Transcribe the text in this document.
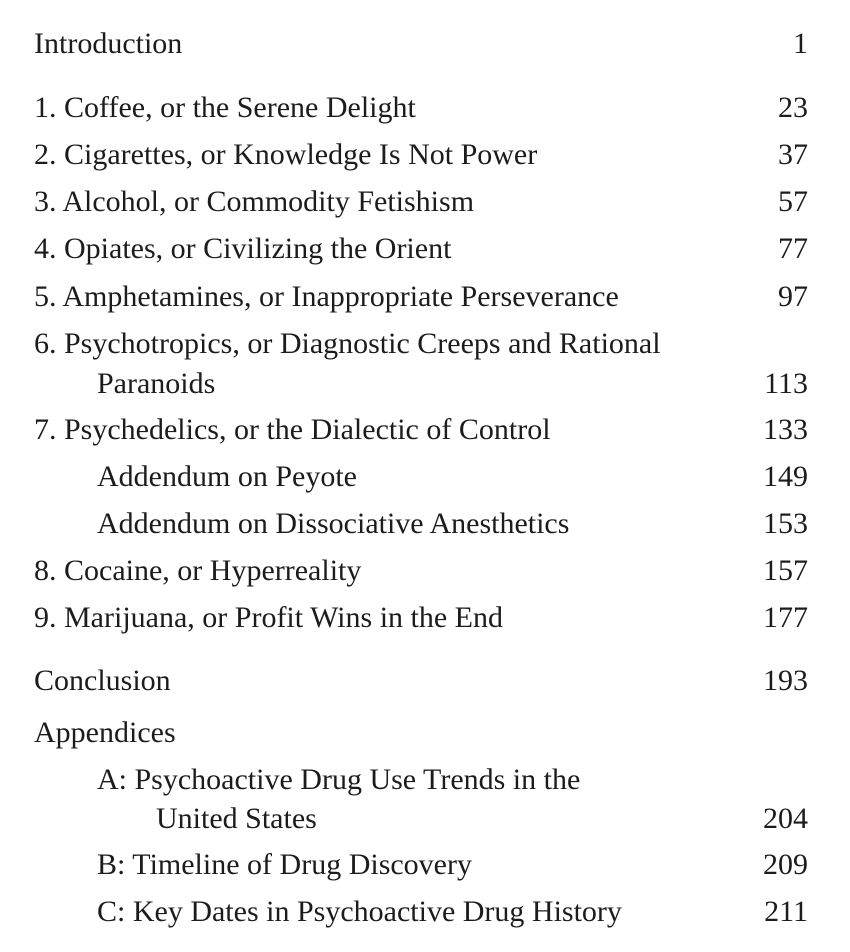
Introduction	1
1. Coffee, or the Serene Delight	23
2. Cigarettes, or Knowledge Is Not Power	37
3. Alcohol, or Commodity Fetishism	57
4. Opiates, or Civilizing the Orient	77
5. Amphetamines, or Inappropriate Perseverance	97
6. Psychotropics, or Diagnostic Creeps and Rational
Paranoids	113
7. Psychedelics, or the Dialectic of Control	133
Addendum on Peyote	149
Addendum on Dissociative Anesthetics	153
8. Cocaine, or Hyperreality	157
9. Marijuana, or Profit Wins in the End	177
Conclusion	193
Appendices
A: Psychoactive Drug Use Trends in the
United States	204
B: Timeline of Drug Discovery	209
C: Key Dates in Psychoactive Drug History	211
